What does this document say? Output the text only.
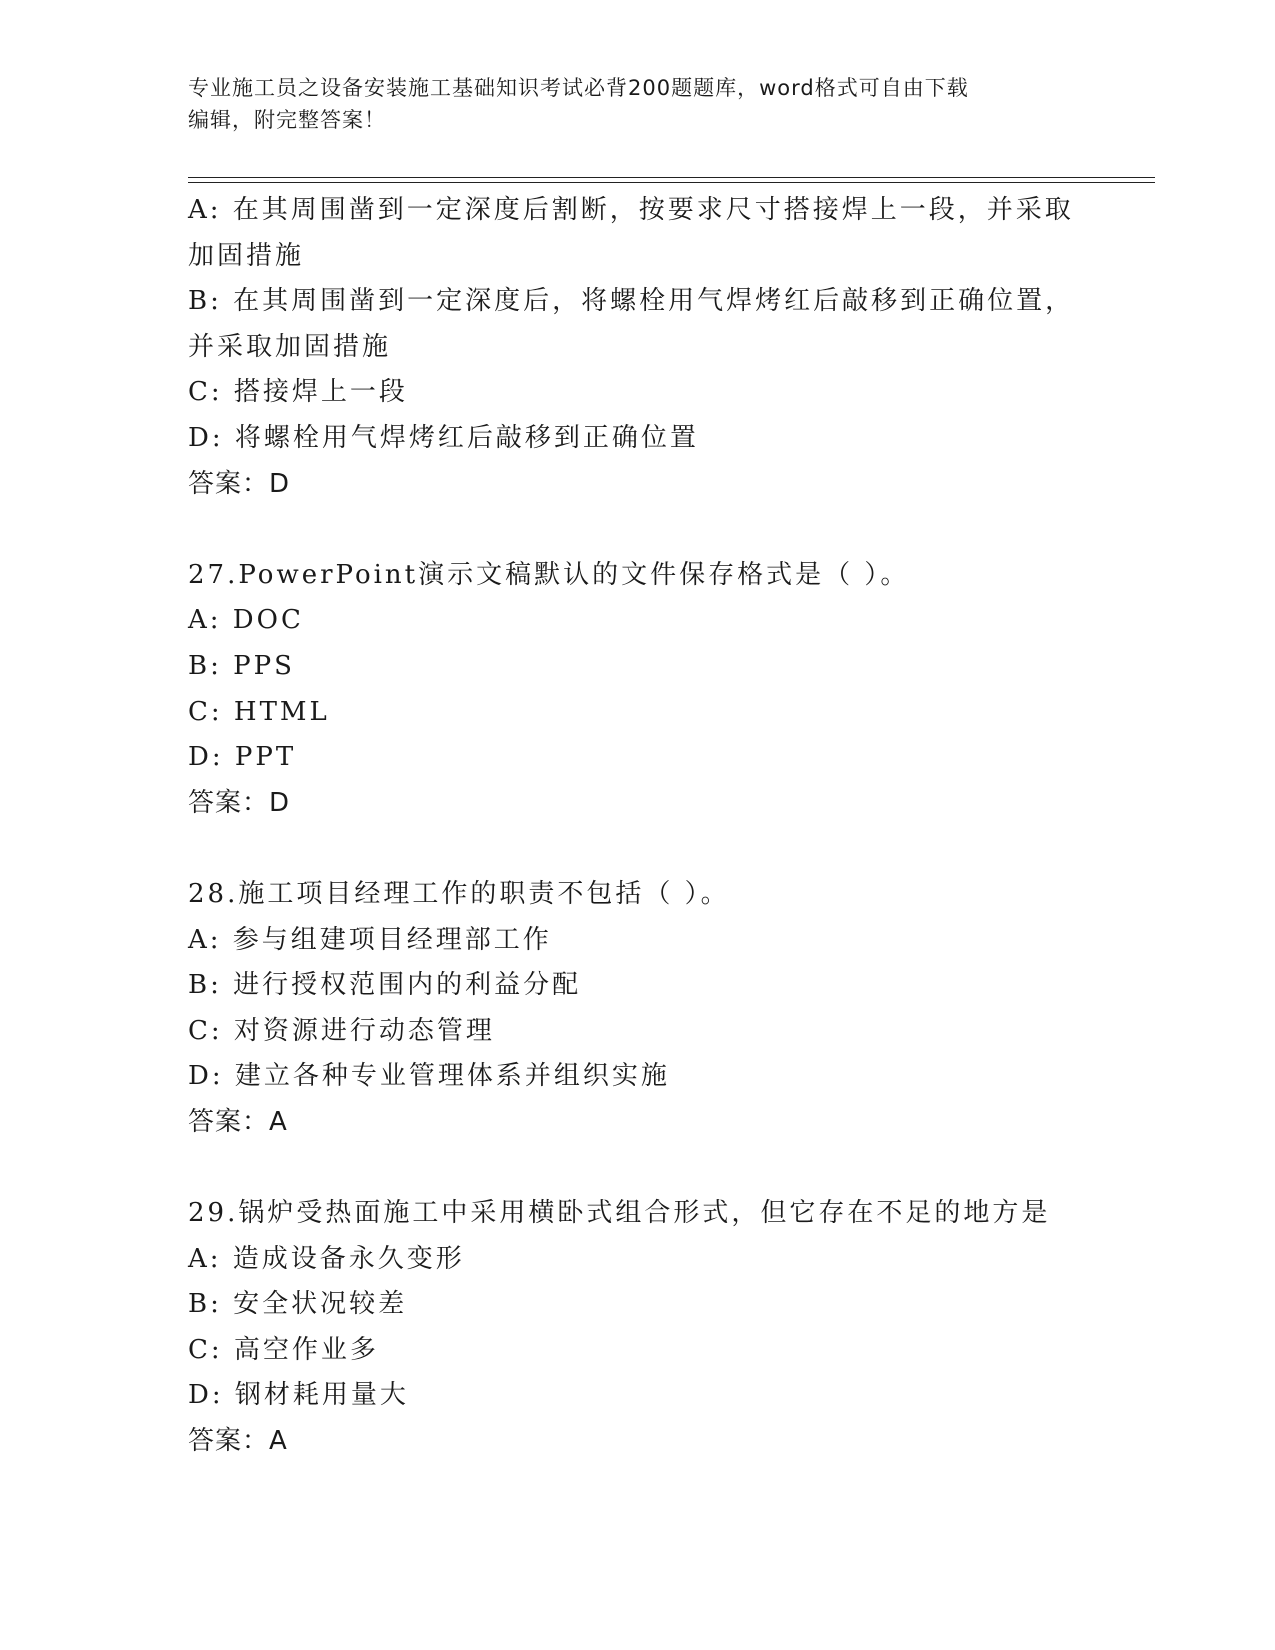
专业施工员之设备安装施工基础知识考试必背200题题库，word格式可自由下载
编辑，附完整答案！
A: 在其周围凿到一定深度后割断，按要求尺寸搭接焊上一段，并采取
加固措施
B: 在其周围凿到一定深度后，将螺栓用气焊烤红后敲移到正确位置，
并采取加固措施
C: 搭接焊上一段
D: 将螺栓用气焊烤红后敲移到正确位置
答案：D
27.PowerPoint演示文稿默认的文件保存格式是（ ）。
A: DOC
B: PPS
C: HTML
D: PPT
答案：D
28.施工项目经理工作的职责不包括（ ）。
A: 参与组建项目经理部工作
B: 进行授权范围内的利益分配
C: 对资源进行动态管理
D: 建立各种专业管理体系并组织实施
答案：A
29.锅炉受热面施工中采用横卧式组合形式，但它存在不足的地方是
A: 造成设备永久变形
B: 安全状况较差
C: 高空作业多
D: 钢材耗用量大
答案：A
